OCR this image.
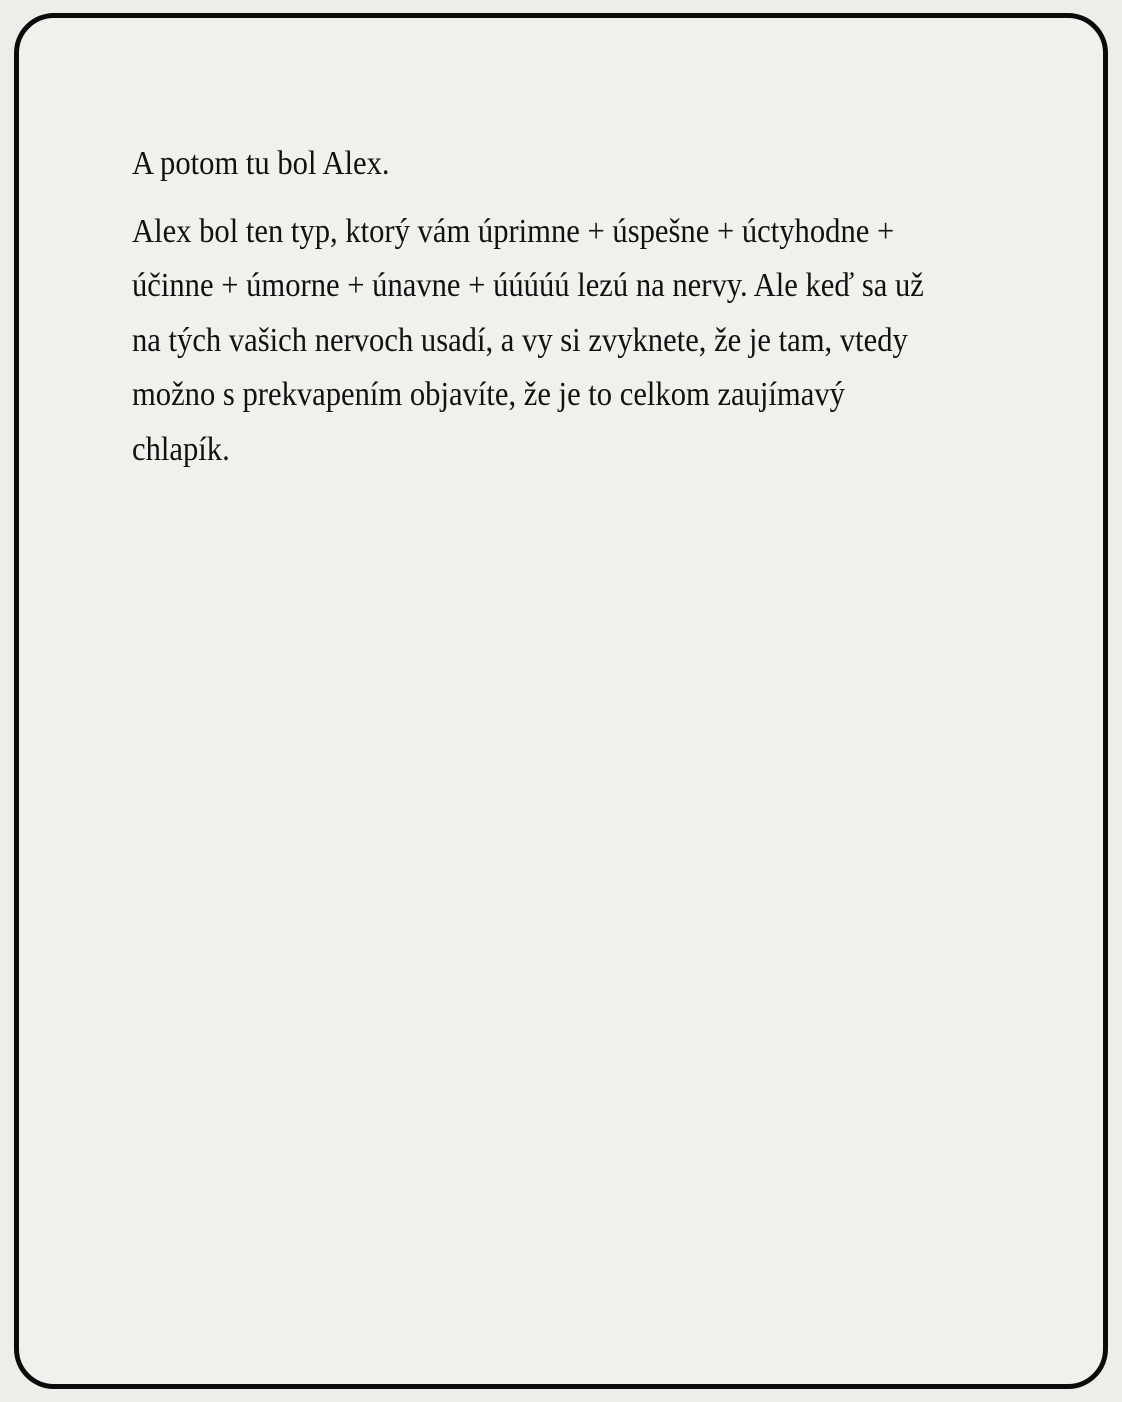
A potom tu bol Alex.

Alex bol ten typ, ktorý vám úprimne + úspešne + úctyhodne + účinne + úmorne + únavne + úúúúú lezú na nervy. Ale keď sa už na tých vašich nervoch usadí, a vy si zvyknete, že je tam, vtedy možno s prekvapením objavíte, že je to celkom zaujímavý chlapík.
